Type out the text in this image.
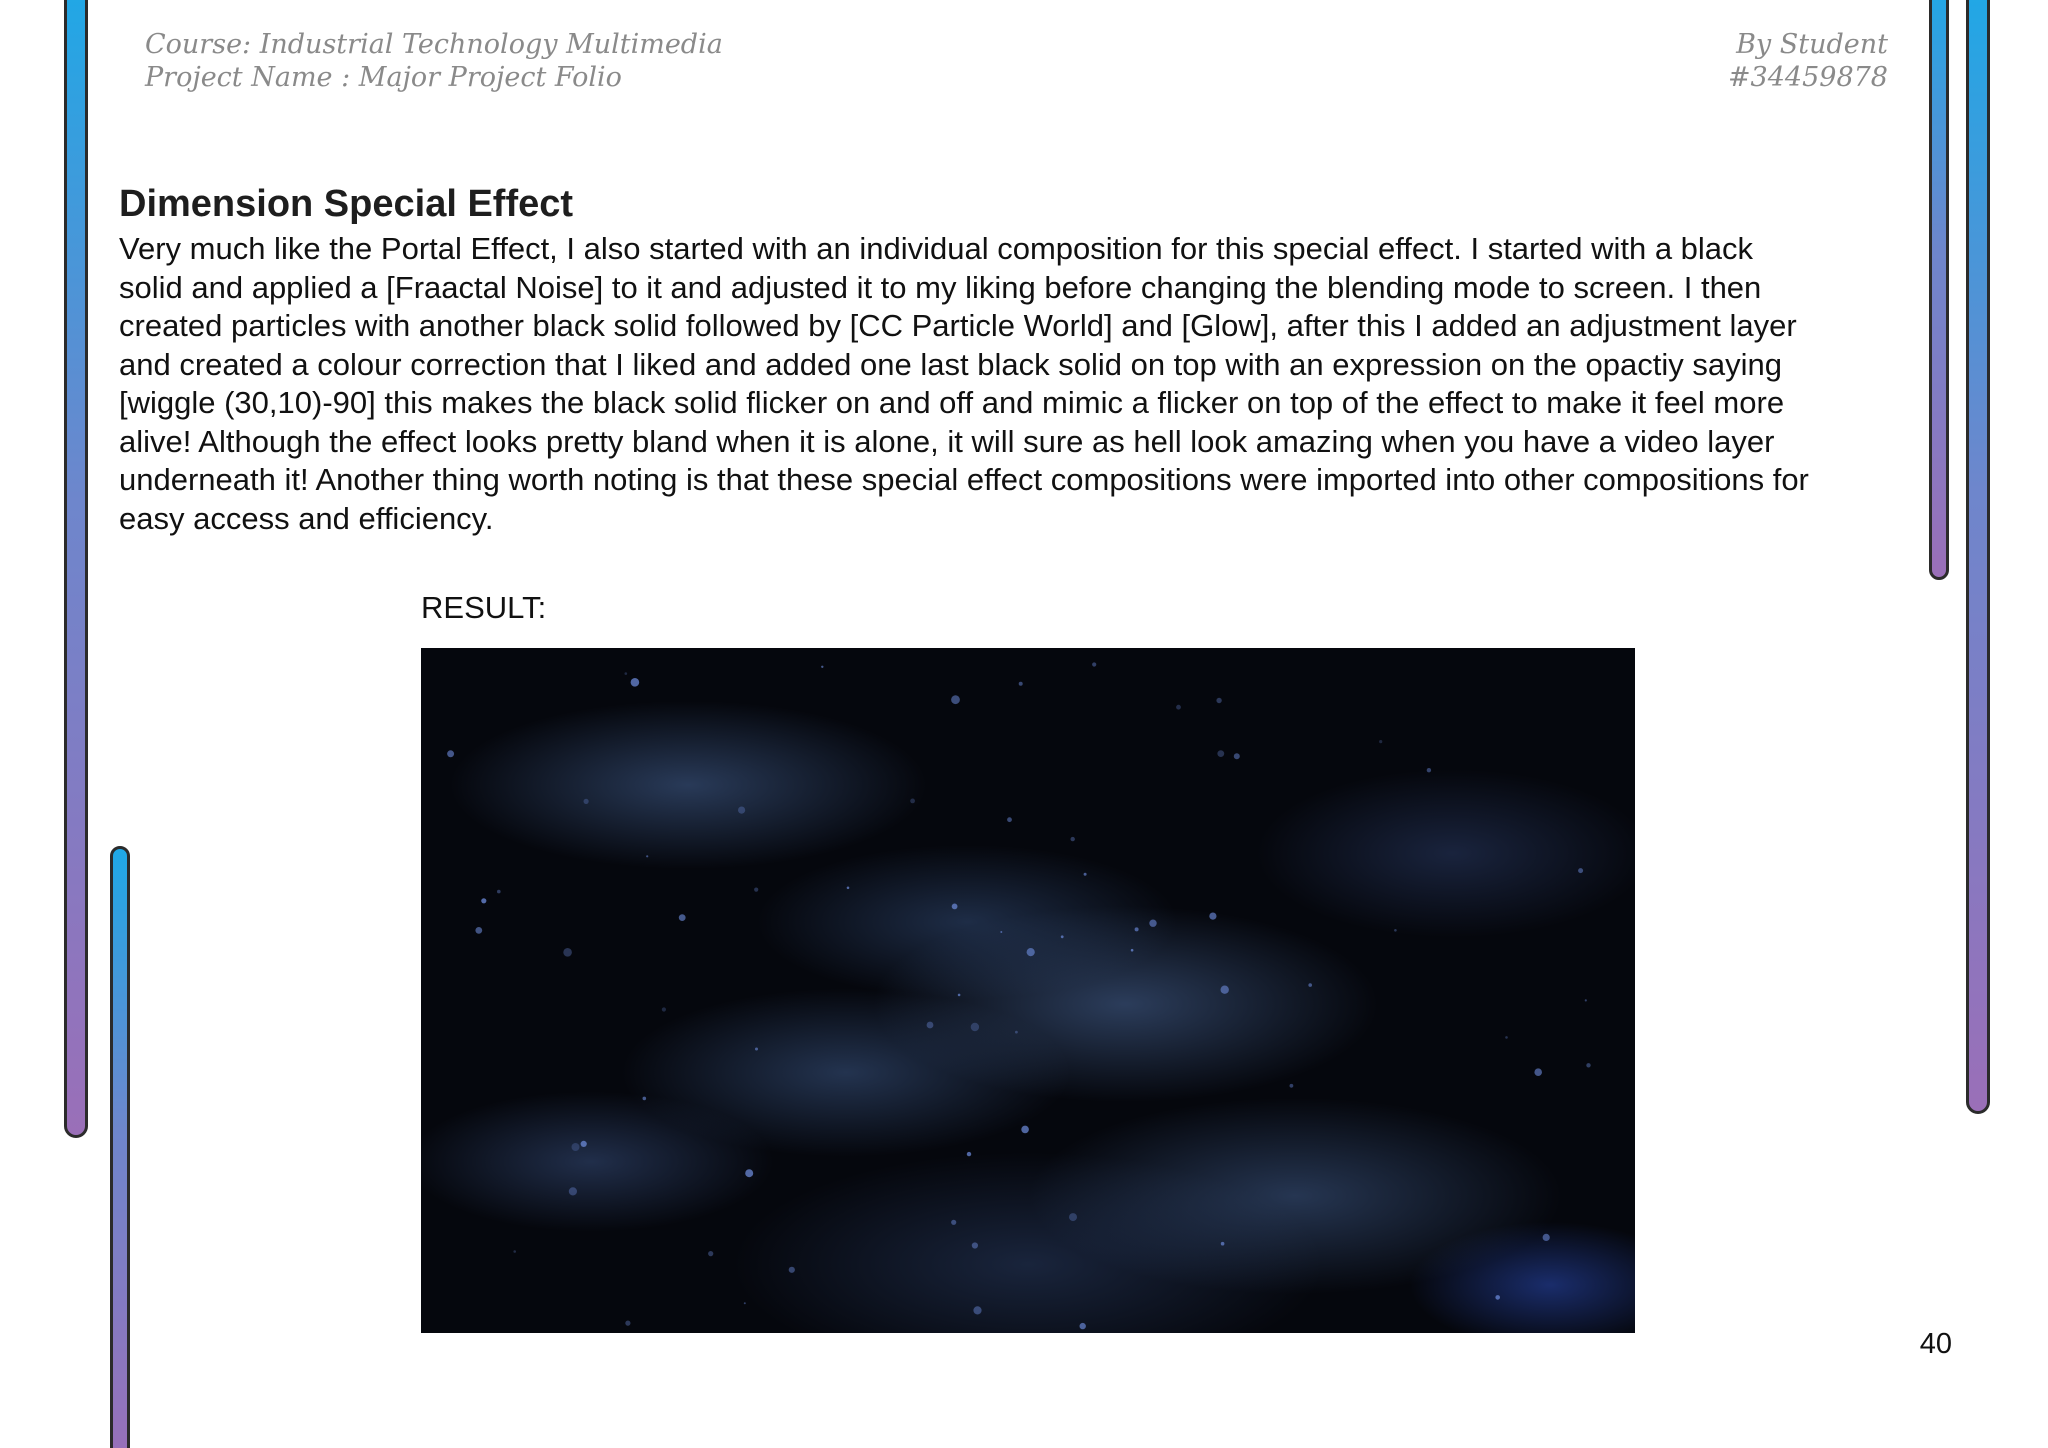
Course: Industrial Technology Multimedia
Project Name : Major Project Folio
By Student
#34459878
Dimension Special Effect
Very much like the Portal Effect, I also started with an individual composition for this special effect. I started with a black solid and applied a [Fraactal Noise] to it and adjusted it to my liking before changing the blending mode to screen. I then created particles with another black solid followed by [CC Particle World] and [Glow], after this I added an adjustment layer and created a colour correction that I liked and added one last black solid on top with an expression on the opactiy saying [wiggle (30,10)-90] this makes the black solid flicker on and off and mimic a flicker on top of the effect to make it feel more alive! Although the effect looks pretty bland when it is alone, it will sure as hell look amazing when you have a video layer underneath it! Another thing worth noting is that these special effect compositions were imported into other compositions for easy access and efficiency.
RESULT:
40
